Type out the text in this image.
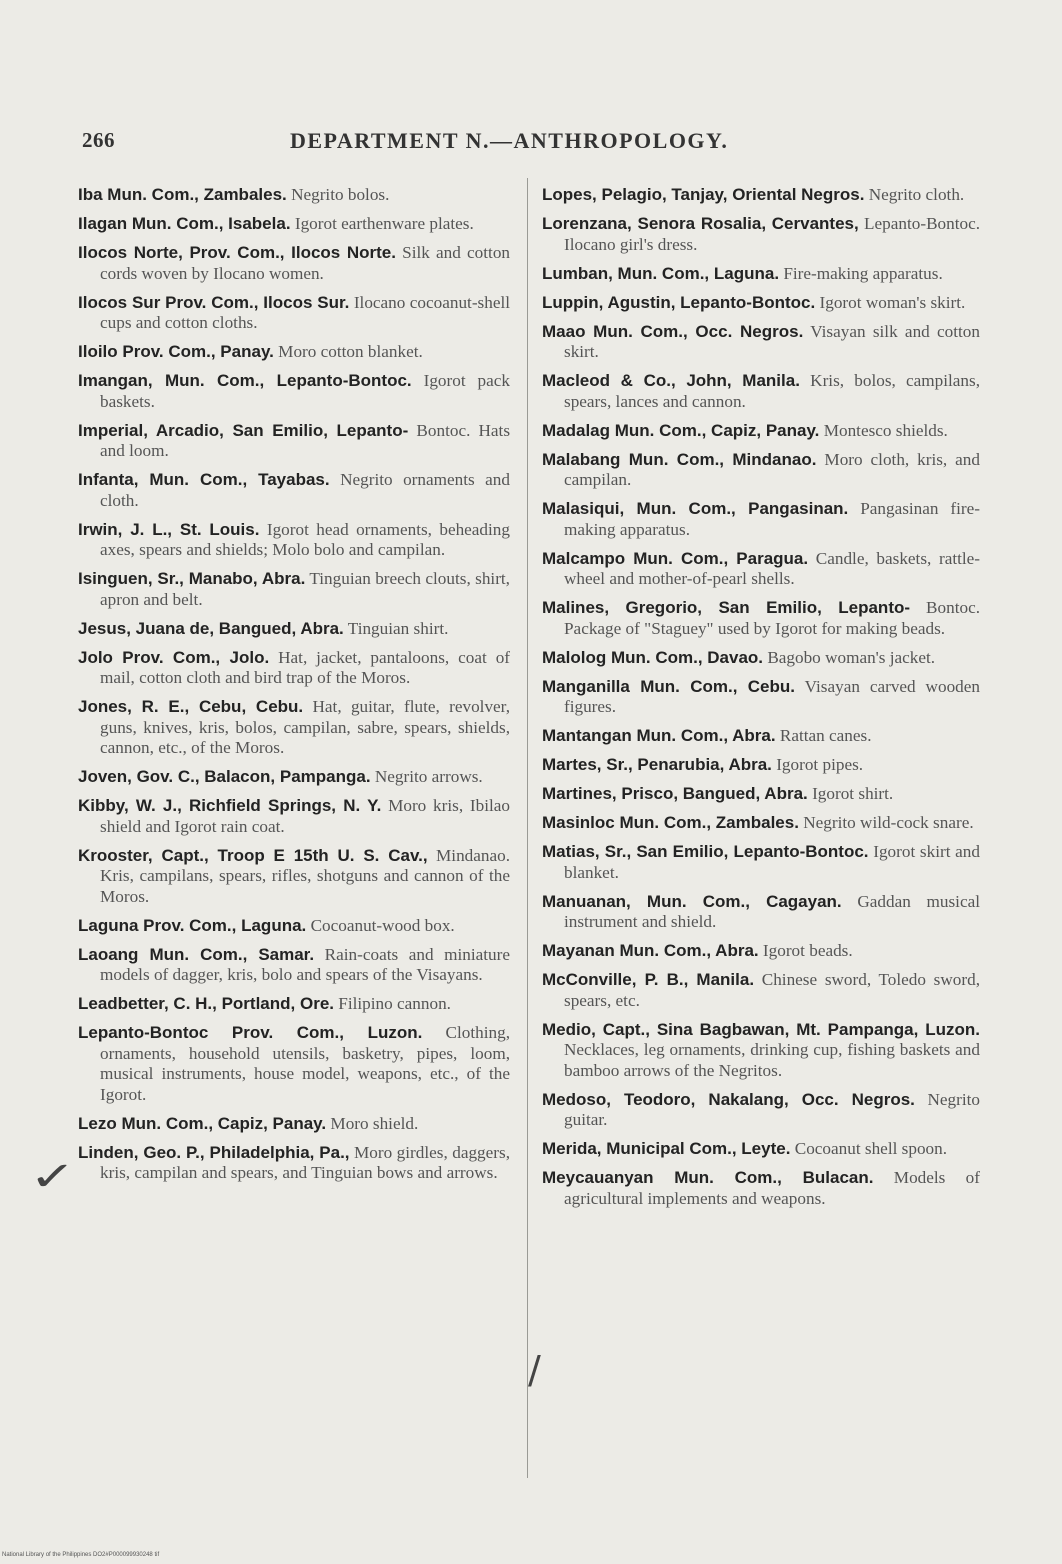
266	DEPARTMENT N.—ANTHROPOLOGY.
Iba Mun. Com., Zambales. Negrito bolos.
Ilagan Mun. Com., Isabela. Igorot earthenware plates.
Ilocos Norte, Prov. Com., Ilocos Norte. Silk and cotton cords woven by Ilocano women.
Ilocos Sur Prov. Com., Ilocos Sur. Ilocano cocoanut-shell cups and cotton cloths.
Iloilo Prov. Com., Panay. Moro cotton blanket.
Imangan, Mun. Com., Lepanto-Bontoc. Igorot pack baskets.
Imperial, Arcadio, San Emilio, Lepanto- Bontoc. Hats and loom.
Infanta, Mun. Com., Tayabas. Negrito ornaments and cloth.
Irwin, J. L., St. Louis. Igorot head ornaments, beheading axes, spears and shields; Molo bolo and campilan.
Isinguen, Sr., Manabo, Abra. Tinguian breech clouts, shirt, apron and belt.
Jesus, Juana de, Bangued, Abra. Tinguian shirt.
Jolo Prov. Com., Jolo. Hat, jacket, pantaloons, coat of mail, cotton cloth and bird trap of the Moros.
Jones, R. E., Cebu, Cebu. Hat, guitar, flute, revolver, guns, knives, kris, bolos, campilan, sabre, spears, shields, cannon, etc., of the Moros.
Joven, Gov. C., Balacon, Pampanga. Negrito arrows.
Kibby, W. J., Richfield Springs, N. Y. Moro kris, Ibilao shield and Igorot rain coat.
Krooster, Capt., Troop E 15th U. S. Cav., Mindanao. Kris, campilans, spears, rifles, shotguns and cannon of the Moros.
Laguna Prov. Com., Laguna. Cocoanut-wood box.
Laoang Mun. Com., Samar. Rain-coats and miniature models of dagger, kris, bolo and spears of the Visayans.
Leadbetter, C. H., Portland, Ore. Filipino cannon.
Lepanto-Bontoc Prov. Com., Luzon. Clothing, ornaments, household utensils, basketry, pipes, loom, musical instruments, house model, weapons, etc., of the Igorot.
Lezo Mun. Com., Capiz, Panay. Moro shield.
Linden, Geo. P., Philadelphia, Pa., Moro girdles, daggers, kris, campilan and spears, and Tinguian bows and arrows.
Lopes, Pelagio, Tanjay, Oriental Negros. Negrito cloth.
Lorenzana, Senora Rosalia, Cervantes, Lepanto-Bontoc. Ilocano girl's dress.
Lumban, Mun. Com., Laguna. Fire-making apparatus.
Luppin, Agustin, Lepanto-Bontoc. Igorot woman's skirt.
Maao Mun. Com., Occ. Negros. Visayan silk and cotton skirt.
Macleod & Co., John, Manila. Kris, bolos, campilans, spears, lances and cannon.
Madalag Mun. Com., Capiz, Panay. Montesco shields.
Malabang Mun. Com., Mindanao. Moro cloth, kris, and campilan.
Malasiqui, Mun. Com., Pangasinan. Pangasinan fire-making apparatus.
Malcampo Mun. Com., Paragua. Candle, baskets, rattle-wheel and mother-of-pearl shells.
Malines, Gregorio, San Emilio, Lepanto- Bontoc. Package of "Staguey" used by Igorot for making beads.
Malolog Mun. Com., Davao. Bagobo woman's jacket.
Manganilla Mun. Com., Cebu. Visayan carved wooden figures.
Mantangan Mun. Com., Abra. Rattan canes.
Martes, Sr., Penarubia, Abra. Igorot pipes.
Martines, Prisco, Bangued, Abra. Igorot shirt.
Masinloc Mun. Com., Zambales. Negrito wild-cock snare.
Matias, Sr., San Emilio, Lepanto-Bontoc. Igorot skirt and blanket.
Manuanan, Mun. Com., Cagayan. Gaddan musical instrument and shield.
Mayanan Mun. Com., Abra. Igorot beads.
McConville, P. B., Manila. Chinese sword, Toledo sword, spears, etc.
Medio, Capt., Sina Bagbawan, Mt. Pampanga, Luzon. Necklaces, leg ornaments, drinking cup, fishing baskets and bamboo arrows of the Negritos.
Medoso, Teodoro, Nakalang, Occ. Negros. Negrito guitar.
Merida, Municipal Com., Leyte. Cocoanut shell spoon.
Meycauanyan Mun. Com., Bulacan. Models of agricultural implements and weapons.
✓
/
National Library of the Philippines DO2#P000099930248 tif
